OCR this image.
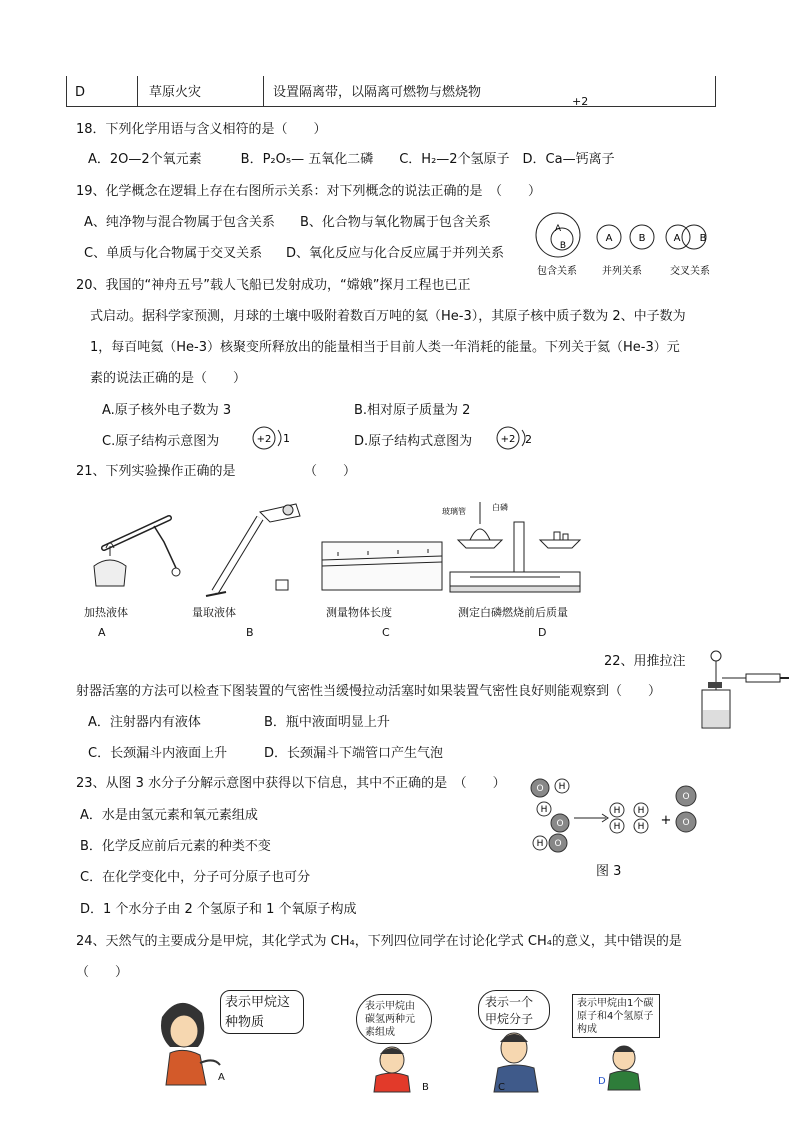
D	草原火灾	设置隔离带，以隔离可燃物与燃烧物
+2
18．下列化学用语与含义相符的是（　　）
A．2O—2个氧元素　　　B．P₂O₅— 五氧化二磷　　C．H₂—2个氢原子　D．Ca—钙离子
19、化学概念在逻辑上存在右图所示关系：对下列概念的说法正确的是　（　　）
A、纯净物与混合物属于包含关系 B、化合物与氧化物属于包含关系
C、单质与化合物属于交叉关系 D、氧化反应与化合反应属于并列关系
A
B
A	B	A B
包含关系	并列关系	交叉关系
20、我国的“神舟五号”载人飞船已发射成功，“嫦娥”探月工程也已正
式启动。据科学家预测，月球的土壤中吸附着数百万吨的氦（He-3），其原子核中质子数为 2、中子数为
1，每百吨氦（He-3）核聚变所释放出的能量相当于目前人类一年消耗的能量。下列关于氦（He-3）元
素的说法正确的是（　　）
A.原子核外电子数为 3	B.相对原子质量为 2
C.原子结构示意图为	D.原子结构式意图为
+2 1	+2 2
21、下列实验操作正确的是	（　　）
加热液体
A
量取液体
B
测量物体长度
C
玻璃管	白磷
测定白磷燃烧前后质量
D
22、用推拉注
射器活塞的方法可以检查下图装置的气密性当缓慢拉动活塞时如果装置气密性良好则能观察到（　　）
A．注射器内有液体	B．瓶中液面明显上升
C．长颈漏斗内液面上升	D．长颈漏斗下端管口产生气泡
23、从图 3 水分子分解示意图中获得以下信息，其中不正确的是　（　　）
A．水是由氢元素和氧元素组成
B．化学反应前后元素的种类不变
C．在化学变化中，分子可分原子也可分
D．1 个水分子由 2 个氢原子和 1 个氧原子构成
O H
H
O
O
H
H
H
H
H +
O
O
图 3
24、天然气的主要成分是甲烷，其化学式为 CH₄，下列四位同学在讨论化学式 CH₄的意义，其中错误的是
（　　）
表示甲烷这种物质
表示甲烷由碳氢两种元素组成
表示一个甲烷分子
表示甲烷由1个碳原子和4个氢原子构成
A
B	C
D
